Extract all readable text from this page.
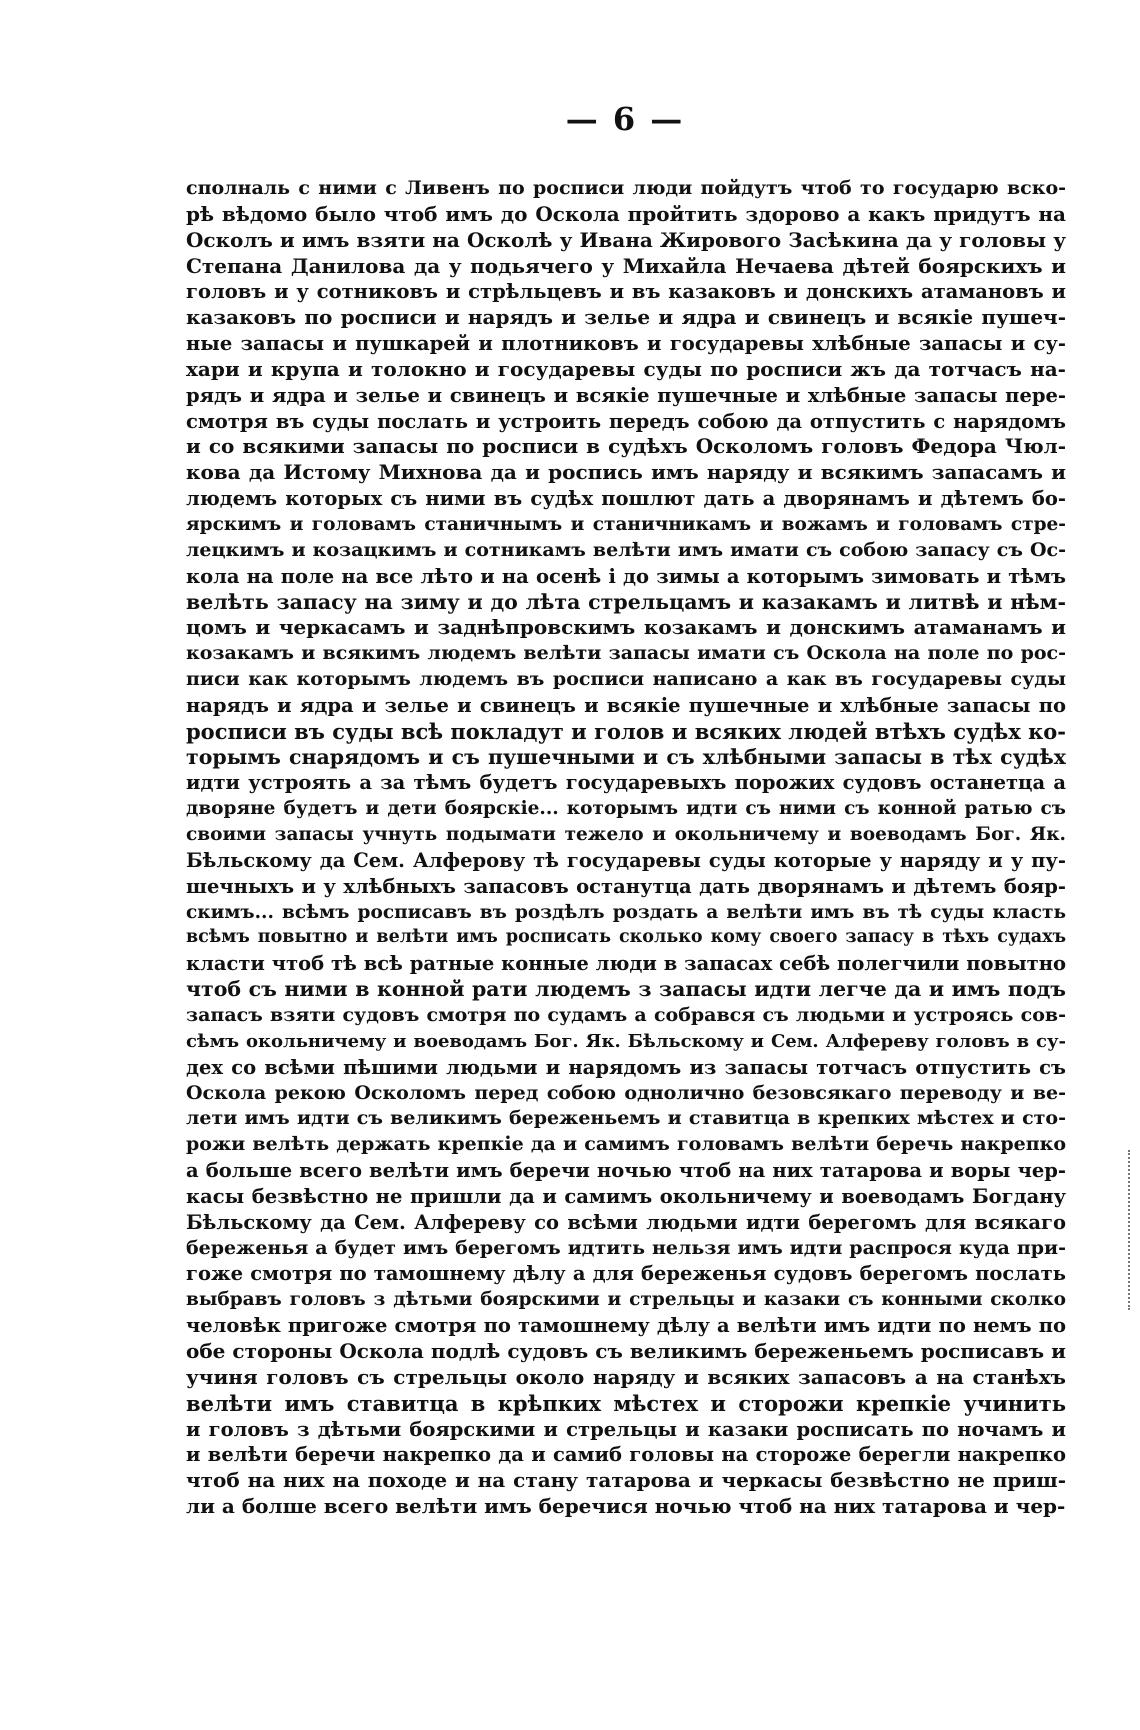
— 6 —
сполналь с ними с Ливенъ по росписи люди пойдутъ чтоб то государю вско-
рѣ вѣдомо было чтоб имъ до Оскола пройтить здорово а какъ придутъ на
Осколъ и имъ взяти на Осколѣ у Ивана Жирового Засѣкина да у головы у
Степана Данилова да у подьячего у Михайла Нечаева дѣтей боярскихъ и
головъ и у сотниковъ и стрѣльцевъ и въ казаковъ и донскихъ атамановъ и
казаковъ по росписи и нарядъ и зелье и ядра и свинецъ и всякіе пушеч-
ные запасы и пушкарей и плотниковъ и государевы хлѣбные запасы и су-
хари и крупа и толокно и государевы суды по росписи жъ да тотчасъ на-
рядъ и ядра и зелье и свинецъ и всякіе пушечные и хлѣбные запасы пере-
смотря въ суды послать и устроить передъ собою да отпустить с нарядомъ
и со всякими запасы по росписи в судѣхъ Осколомъ головъ Федора Чюл-
кова да Истому Михнова да и роспись имъ наряду и всякимъ запасамъ и
людемъ которых съ ними въ судѣх пошлют дать а дворянамъ и дѣтемъ бо-
ярскимъ и головамъ станичнымъ и станичникамъ и вожамъ и головамъ стре-
лецкимъ и козацкимъ и сотникамъ велѣти имъ имати съ собою запасу съ Ос-
кола на поле на все лѣто и на осенѣ і до зимы а которымъ зимовать и тѣмъ
велѣть запасу на зиму и до лѣта стрельцамъ и казакамъ и литвѣ и нѣм-
цомъ и черкасамъ и заднѣпровскимъ козакамъ и донскимъ атаманамъ и
козакамъ и всякимъ людемъ велѣти запасы имати съ Оскола на поле по рос-
писи как которымъ людемъ въ росписи написано а как въ государевы суды
нарядъ и ядра и зелье и свинецъ и всякіе пушечные и хлѣбные запасы по
росписи въ суды всѣ покладут и голов и всяких людей втѣхъ судѣх ко-
торымъ снарядомъ и съ пушечными и съ хлѣбными запасы в тѣх судѣх
идти устроять а за тѣмъ будетъ государевыхъ порожих судовъ останетца а
дворяне будетъ и дети боярскіе... которымъ идти съ ними съ конной ратью съ
своими запасы учнуть подымати тежело и окольничему и воеводамъ Бог. Як.
Бѣльскому да Сем. Алферову тѣ государевы суды которые у наряду и у пу-
шечныхъ и у хлѣбныхъ запасовъ останутца дать дворянамъ и дѣтемъ бояр-
скимъ... всѣмъ росписавъ въ роздѣлъ роздать а велѣти имъ въ тѣ суды класть
всѣмъ повытно и велѣти имъ росписать сколько кому своего запасу в тѣхъ судахъ
класти чтоб тѣ всѣ ратные конные люди в запасах себѣ полегчили повытно
чтоб съ ними в конной рати людемъ з запасы идти легче да и имъ подъ
запасъ взяти судовъ смотря по судамъ а собрався съ людьми и устроясь сов-
сѣмъ окольничему и воеводамъ Бог. Як. Бѣльскому и Сем. Алфереву головъ в су-
дех со всѣми пѣшими людьми и нарядомъ из запасы тотчасъ отпустить съ
Оскола рекою Осколомъ перед собою однолично безовсякаго переводу и ве-
лети имъ идти съ великимъ береженьемъ и ставитца в крепких мѣстех и сто-
рожи велѣть держать крепкіе да и самимъ головамъ велѣти беречь накрепко
а больше всего велѣти имъ беречи ночью чтоб на них татарова и воры чер-
касы безвѣстно не пришли да и самимъ окольничему и воеводамъ Богдану
Бѣльскому да Сем. Алфереву со всѣми людьми идти берегомъ для всякаго
береженья а будет имъ берегомъ идтить нельзя имъ идти распрося куда при-
гоже смотря по тамошнему дѣлу а для береженья судовъ берегомъ послать
выбравъ головъ з дѣтьми боярскими и стрельцы и казаки съ конными сколко
человѣк пригоже смотря по тамошнему дѣлу а велѣти имъ идти по немъ по
обе стороны Оскола подлѣ судовъ съ великимъ береженьемъ росписавъ и
учиня головъ съ стрельцы около наряду и всяких запасовъ а на станѣхъ
велѣти имъ ставитца в крѣпких мѣстех и сторожи крепкіе учинить
и головъ з дѣтьми боярскими и стрельцы и казаки росписать по ночамъ и
и велѣти беречи накрепко да и самиб головы на стороже берегли накрепко
чтоб на них на походе и на стану татарова и черкасы безвѣстно не приш-
ли а болше всего велѣти имъ беречися ночью чтоб на них татарова и чер-
